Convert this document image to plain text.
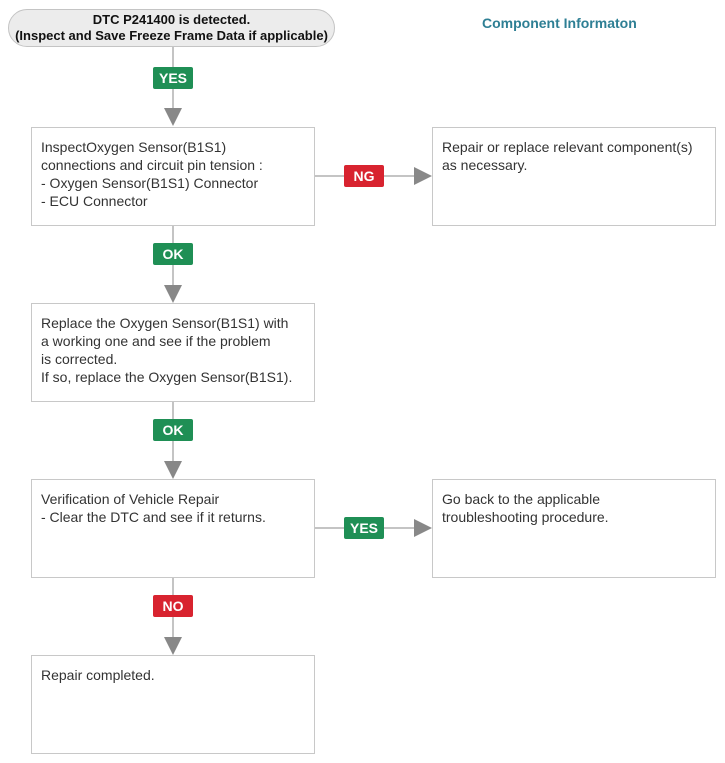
DTC P241400 is detected.
(Inspect and Save Freeze Frame Data if applicable)
Component Informaton
YES
InspectOxygen Sensor(B1S1)
connections and circuit pin tension :
- Oxygen Sensor(B1S1) Connector
- ECU Connector
NG
Repair or replace relevant component(s)
as necessary.
OK
Replace the Oxygen Sensor(B1S1) with
a working one and see if the problem
is corrected.
If so, replace the Oxygen Sensor(B1S1).
OK
Verification of Vehicle Repair
- Clear the DTC and see if it returns.
YES
Go back to the applicable
troubleshooting procedure.
NO
Repair completed.
